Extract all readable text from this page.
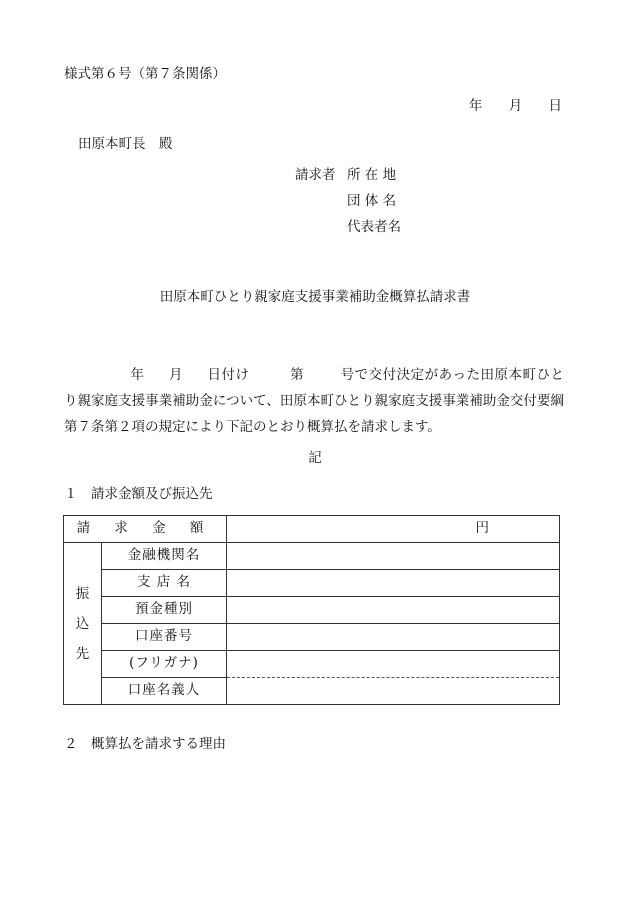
様式第６号（第７条関係）
年 月 日
田原本町長　殿
請求者 所 在 地
団 体 名
代表者名
田原本町ひとり親家庭支援事業補助金概算払請求書
年 月 日付け	第	号で交付決定があった田原本町ひとり親家庭支援事業補助金について、田原本町ひとり親家庭支援事業補助金交付要綱第７条第２項の規定により下記のとおり概算払を請求します。
記
１　請求金額及び振込先
請 求 金 額		円

振
込
先	金融機関名	
	支 店 名	
	預金種別	
	口座番号	
	(フリガナ)	
	口座名義人	
２　概算払を請求する理由
